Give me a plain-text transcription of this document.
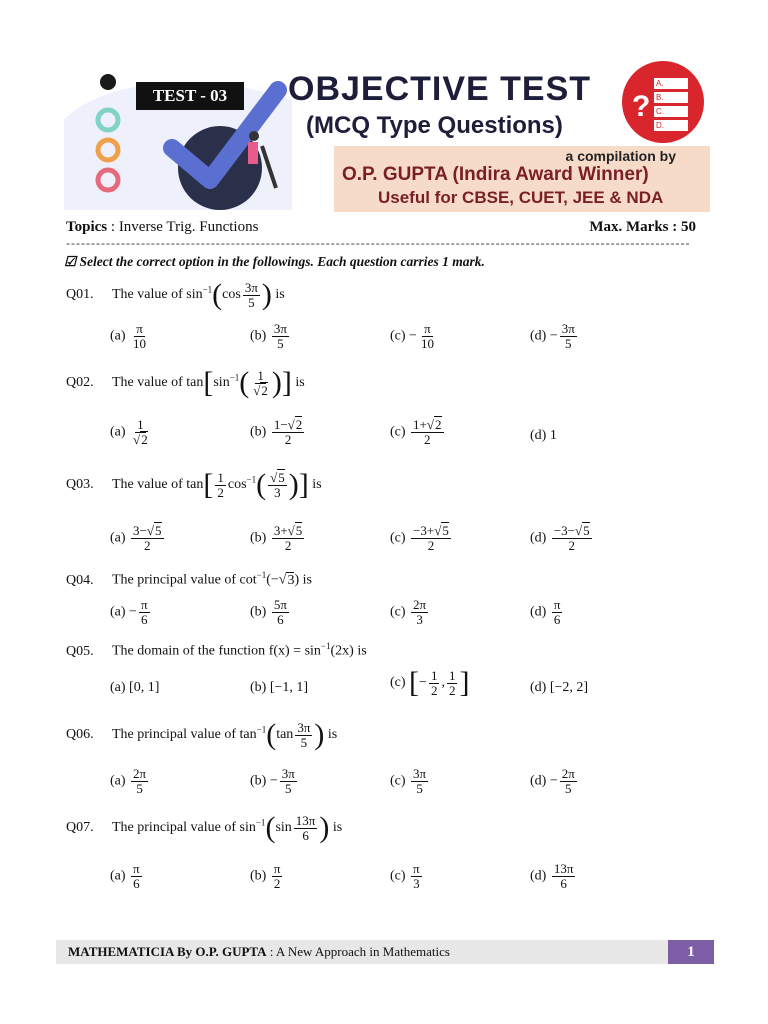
TEST - 03	OBJECTIVE TEST
(MCQ Type Questions)
?
A.
B.
C.
D.
a compilation by
O.P. GUPTA (Indira Award Winner)
Useful for CBSE, CUET, JEE & NDA
Topics : Inverse Trig. Functions	Max. Marks : 50
-----------------------------------------------------------------------------------------------------------------------------
☑ Select the correct option in the followings. Each question carries 1 mark.
Q01. The value of $\sin^{-1}(\cos \frac{3\pi}{5}$ ) is
$(a) \frac{\pi}{10}$	$(b) \frac{3\pi}{5}$	$(c) - \frac{\pi}{10}$	$(d) - \frac{3\pi}{5}$
Q02. The value of $\tan[\sin^{-1}( \frac{1}{√2}$ )] is
$(a) \frac{1}{√2}$	$(b) \frac{1-√2}{2}$	$(c) \frac{1+√2}{2}$	(d) 1
Q03. The value of $\tan[ \frac{1}{2} \cos^{-1}( \frac{√5}{3}$ )] is
$(a) \frac{3-√5}{2}$	$(b) \frac{3+√5}{2}$	$(c) \frac{-3+√5}{2}$	$(d) \frac{-3-√5}{2}$
Q04. The principal value of $\cot^{-1}(-√3)$ is
$(a) - \frac{\pi}{6}$	$(b) \frac{5\pi}{6}$	$(c) \frac{2\pi}{3}$	$(d) \frac{\pi}{6}$
Q05. The domain of the function $f(x) = \sin^{-1}(2x)$ is
(a) [0, 1]	(b) [−1, 1]	(c) [− $\frac{1}{2}$ , $\frac{1}{2}$ ]	(d) [−2, 2]
Q06. The principal value of $\tan^{-1}(\tan \frac{3\pi}{5}$ ) is
$(a) \frac{2\pi}{5}$	$(b) - \frac{3\pi}{5}$	$(c) \frac{3\pi}{5}$	$(d) - \frac{2\pi}{5}$
Q07. The principal value of $\sin^{-1}(\sin \frac{13\pi}{6}$ ) is
$(a) \frac{\pi}{6}$	$(b) \frac{\pi}{2}$	$(c) \frac{\pi}{3}$	$(d) \frac{13\pi}{6}$
MATHEMATICIA By O.P. GUPTA : A New Approach in Mathematics	1
